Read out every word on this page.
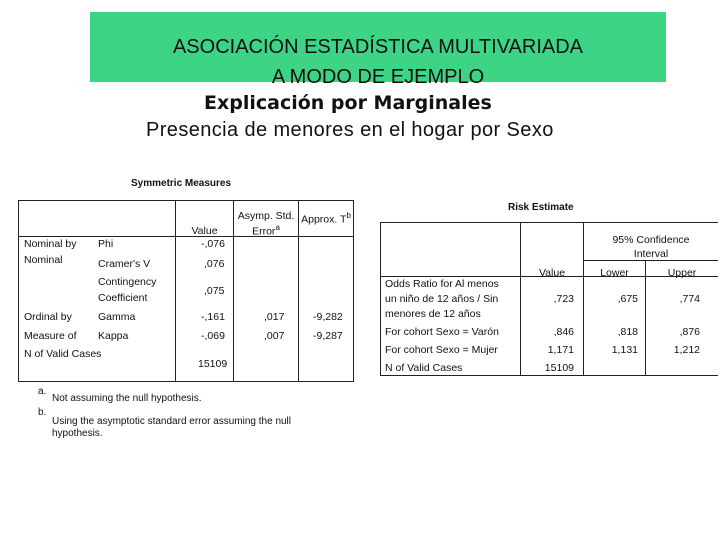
ASOCIACIÓN ESTADÍSTICA MULTIVARIADA
A MODO DE EJEMPLO
Explicación por Marginales
Presencia de menores en el hogar por Sexo
Symmetric Measures
Value
Asymp. Std. Error$^a$
Approx. $T^b$
Nominal by
Nominal
Ordinal by
Measure of
N of Valid Cases
Phi
Cramer's V
Contingency
Coefficient
Gamma
Kappa
-,076
,076
,075
-,161
-,069
15109
,017
,007
-9,282
-9,287
a.
Not assuming the null hypothesis.
b.
Using the asymptotic standard error assuming the null
hypothesis.
Risk Estimate
95% Confidence
Interval
Value	Lower	Upper
Odds Ratio for Al menos
un niño de 12 años / Sin
menores de 12 años
For cohort Sexo = Varón
For cohort Sexo = Mujer
N of Valid Cases
,723
,846
1,171
15109
,675
,818
1,131
,774
,876
1,212
